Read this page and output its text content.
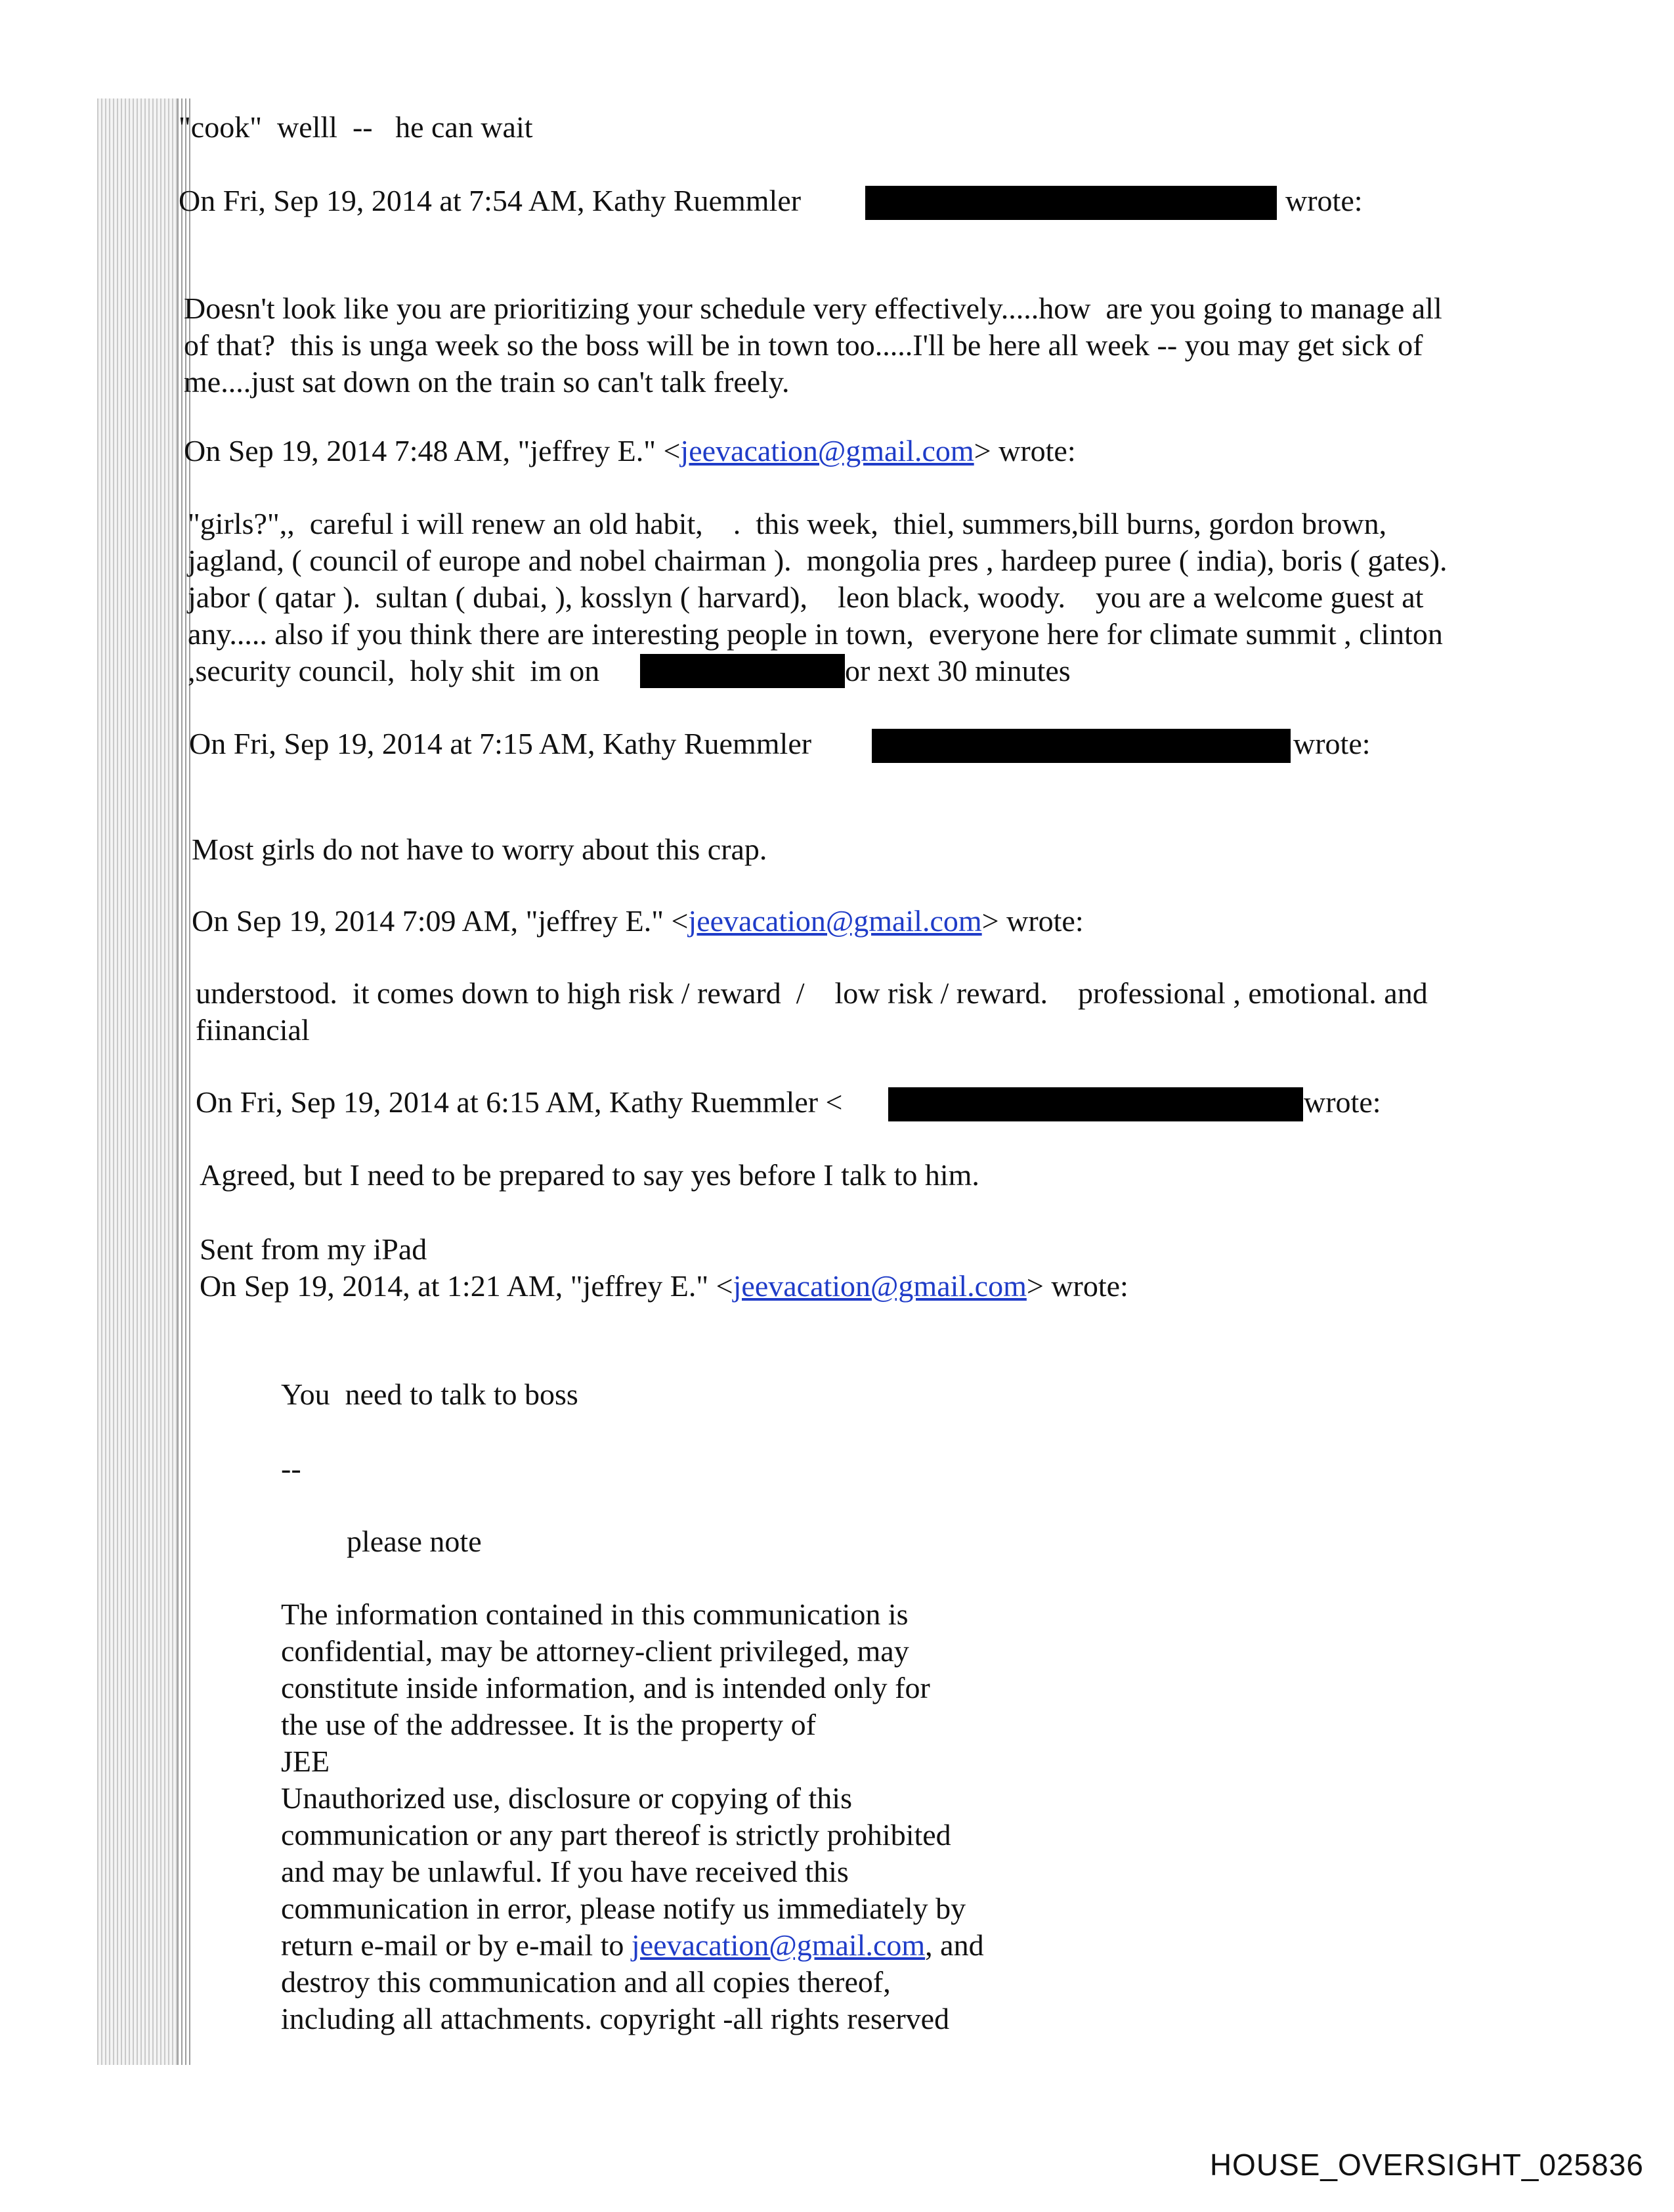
"cook"  welll  --   he can wait
On Fri, Sep 19, 2014 at 7:54 AM, Kathy Ruemmler	wrote:
Doesn't look like you are prioritizing your schedule very effectively.....how  are you going to manage all
of that?  this is unga week so the boss will be in town too.....I'll be here all week -- you may get sick of
me....just sat down on the train so can't talk freely.
On Sep 19, 2014 7:48 AM, "jeffrey E." <jeevacation@gmail.com> wrote:
"girls?",,  careful i will renew an old habit,    .  this week,  thiel, summers,bill burns, gordon brown,
jagland, ( council of europe and nobel chairman ).  mongolia pres , hardeep puree ( india), boris ( gates).
jabor ( qatar ).  sultan ( dubai, ), kosslyn ( harvard),    leon black, woody.    you are a welcome guest at
any..... also if you think there are interesting people in town,  everyone here for climate summit , clinton
,security council,  holy shit  im on	or next 30 minutes
On Fri, Sep 19, 2014 at 7:15 AM, Kathy Ruemmler	wrote:
Most girls do not have to worry about this crap.
On Sep 19, 2014 7:09 AM, "jeffrey E." <jeevacation@gmail.com> wrote:
understood.  it comes down to high risk / reward  /    low risk / reward.    professional , emotional. and
fiinancial
On Fri, Sep 19, 2014 at 6:15 AM, Kathy Ruemmler <	wrote:
Agreed, but I need to be prepared to say yes before I talk to him.
Sent from my iPad
On Sep 19, 2014, at 1:21 AM, "jeffrey E." <jeevacation@gmail.com> wrote:
You  need to talk to boss
--
please note
The information contained in this communication is
confidential, may be attorney-client privileged, may
constitute inside information, and is intended only for
the use of the addressee. It is the property of
JEE
Unauthorized use, disclosure or copying of this
communication or any part thereof is strictly prohibited
and may be unlawful. If you have received this
communication in error, please notify us immediately by
return e-mail or by e-mail to jeevacation@gmail.com, and
destroy this communication and all copies thereof,
including all attachments. copyright -all rights reserved
HOUSE_OVERSIGHT_025836
